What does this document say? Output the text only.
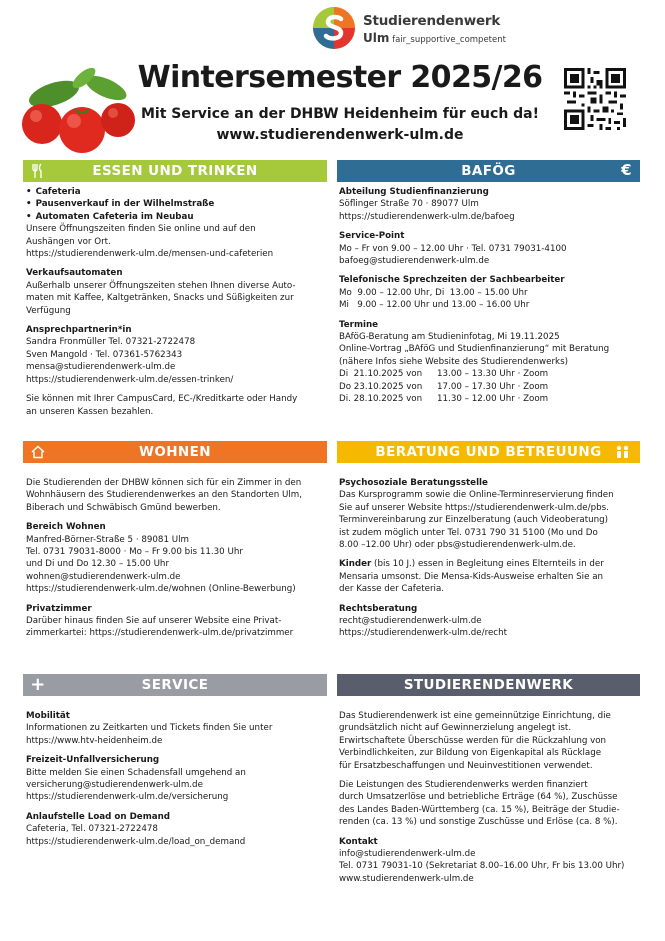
Studierendenwerk
Ulm fair_supportive_competent
Wintersemester 2025/26
Mit Service an der DHBW Heidenheim für euch da!
www.studierendenwerk-ulm.de
ESSEN UND TRINKEN	BAFÖG	€
WOHNEN	BERATUNG UND BETREUUNG
+	SERVICE	STUDIERENDENWERK
• Cafeteria
• Pausenverkauf in der Wilhelmstraße
• Automaten Cafeteria im Neubau

Unsere Öffnungszeiten finden Sie online und auf den

Aushängen vor Ort.

https://studierendenwerk-ulm.de/mensen-und-cafeterien

Verkaufsautomaten

Außerhalb unserer Öffnungszeiten stehen Ihnen diverse Auto-

maten mit Kaffee, Kaltgetränken, Snacks und Süßigkeiten zur

Verfügung

Ansprechpartnerin*in

Sandra Fronmüller Tel. 07321-2722478

Sven Mangold · Tel. 07361-5762343

mensa@studierendenwerk-ulm.de

https://studierendenwerk-ulm.de/essen-trinken/

Sie können mit Ihrer CampusCard, EC-/Kreditkarte oder Handy

an unseren Kassen bezahlen.

Abteilung Studienfinanzierung

Söflinger Straße 70 · 89077 Ulm

https://studierendenwerk-ulm.de/bafoeg

Service-Point

Mo – Fr von 9.00 – 12.00 Uhr · Tel. 0731 79031-4100

bafoeg@studierendenwerk-ulm.de

Telefonische Sprechzeiten der Sachbearbeiter

Mo  9.00 – 12.00 Uhr, Di  13.00 – 15.00 Uhr

Mi   9.00 – 12.00 Uhr und 13.00 – 16.00 Uhr

Termine

BAföG-Beratung am Studieninfotag, Mi 19.11.2025

Online-Vortrag „BAföG und Studienfinanzierung“ mit Beratung

(nähere Infos siehe Website des Studierendenwerks)

Di  21.10.2025 von 13.00 – 13.30 Uhr · Zoom

Do 23.10.2025 von 17.00 – 17.30 Uhr · Zoom

Di. 28.10.2025 von 11.30 – 12.00 Uhr · Zoom

Die Studierenden der DHBW können sich für ein Zimmer in den

Wohnhäusern des Studierendenwerkes an den Standorten Ulm,

Biberach und Schwäbisch Gmünd bewerben.

Bereich Wohnen

Manfred-Börner-Straße 5 · 89081 Ulm

Tel. 0731 79031-8000 · Mo – Fr 9.00 bis 11.30 Uhr

und Di und Do 12.30 – 15.00 Uhr

wohnen@studierendenwerk-ulm.de

https://studierendenwerk-ulm.de/wohnen (Online-Bewerbung)

Privatzimmer

Darüber hinaus finden Sie auf unserer Website eine Privat-

zimmerkartei: https://studierendenwerk-ulm.de/privatzimmer

Psychosoziale Beratungsstelle

Das Kursprogramm sowie die Online-Terminreservierung finden

Sie auf unserer Website https://studierendenwerk-ulm.de/pbs.

Terminvereinbarung zur Einzelberatung (auch Videoberatung)

ist zudem möglich unter Tel. 0731 790 31 5100 (Mo und Do

8.00 –12.00 Uhr) oder pbs@studierendenwerk-ulm.de.

Kinder (bis 10 J.) essen in Begleitung eines Elternteils in der

Mensaria umsonst. Die Mensa-Kids-Ausweise erhalten Sie an

der Kasse der Cafeteria.

Rechtsberatung

recht@studierendenwerk-ulm.de

https://studierendenwerk-ulm.de/recht

Mobilität

Informationen zu Zeitkarten und Tickets finden Sie unter

https://www.htv-heidenheim.de

Freizeit-Unfallversicherung

Bitte melden Sie einen Schadensfall umgehend an

versicherung@studierendenwerk-ulm.de

https://studierendenwerk-ulm.de/versicherung

Anlaufstelle Load on Demand

Cafeteria, Tel. 07321-2722478

https://studierendenwerk-ulm.de/load_on_demand

Das Studierendenwerk ist eine gemeinnützige Einrichtung, die

grundsätzlich nicht auf Gewinnerzielung angelegt ist.

Erwirtschaftete Überschüsse werden für die Rückzahlung von

Verbindlichkeiten, zur Bildung von Eigenkapital als Rücklage

für Ersatzbeschaffungen und Neuinvestitionen verwendet.

Die Leistungen des Studierendenwerks werden finanziert

durch Umsatzerlöse und betriebliche Erträge (64 %), Zuschüsse

des Landes Baden-Württemberg (ca. 15 %), Beiträge der Studie-

renden (ca. 13 %) und sonstige Zuschüsse und Erlöse (ca. 8 %).

Kontakt

info@studierendenwerk-ulm.de

Tel. 0731 79031-10 (Sekretariat 8.00–16.00 Uhr, Fr bis 13.00 Uhr)

www.studierendenwerk-ulm.de
